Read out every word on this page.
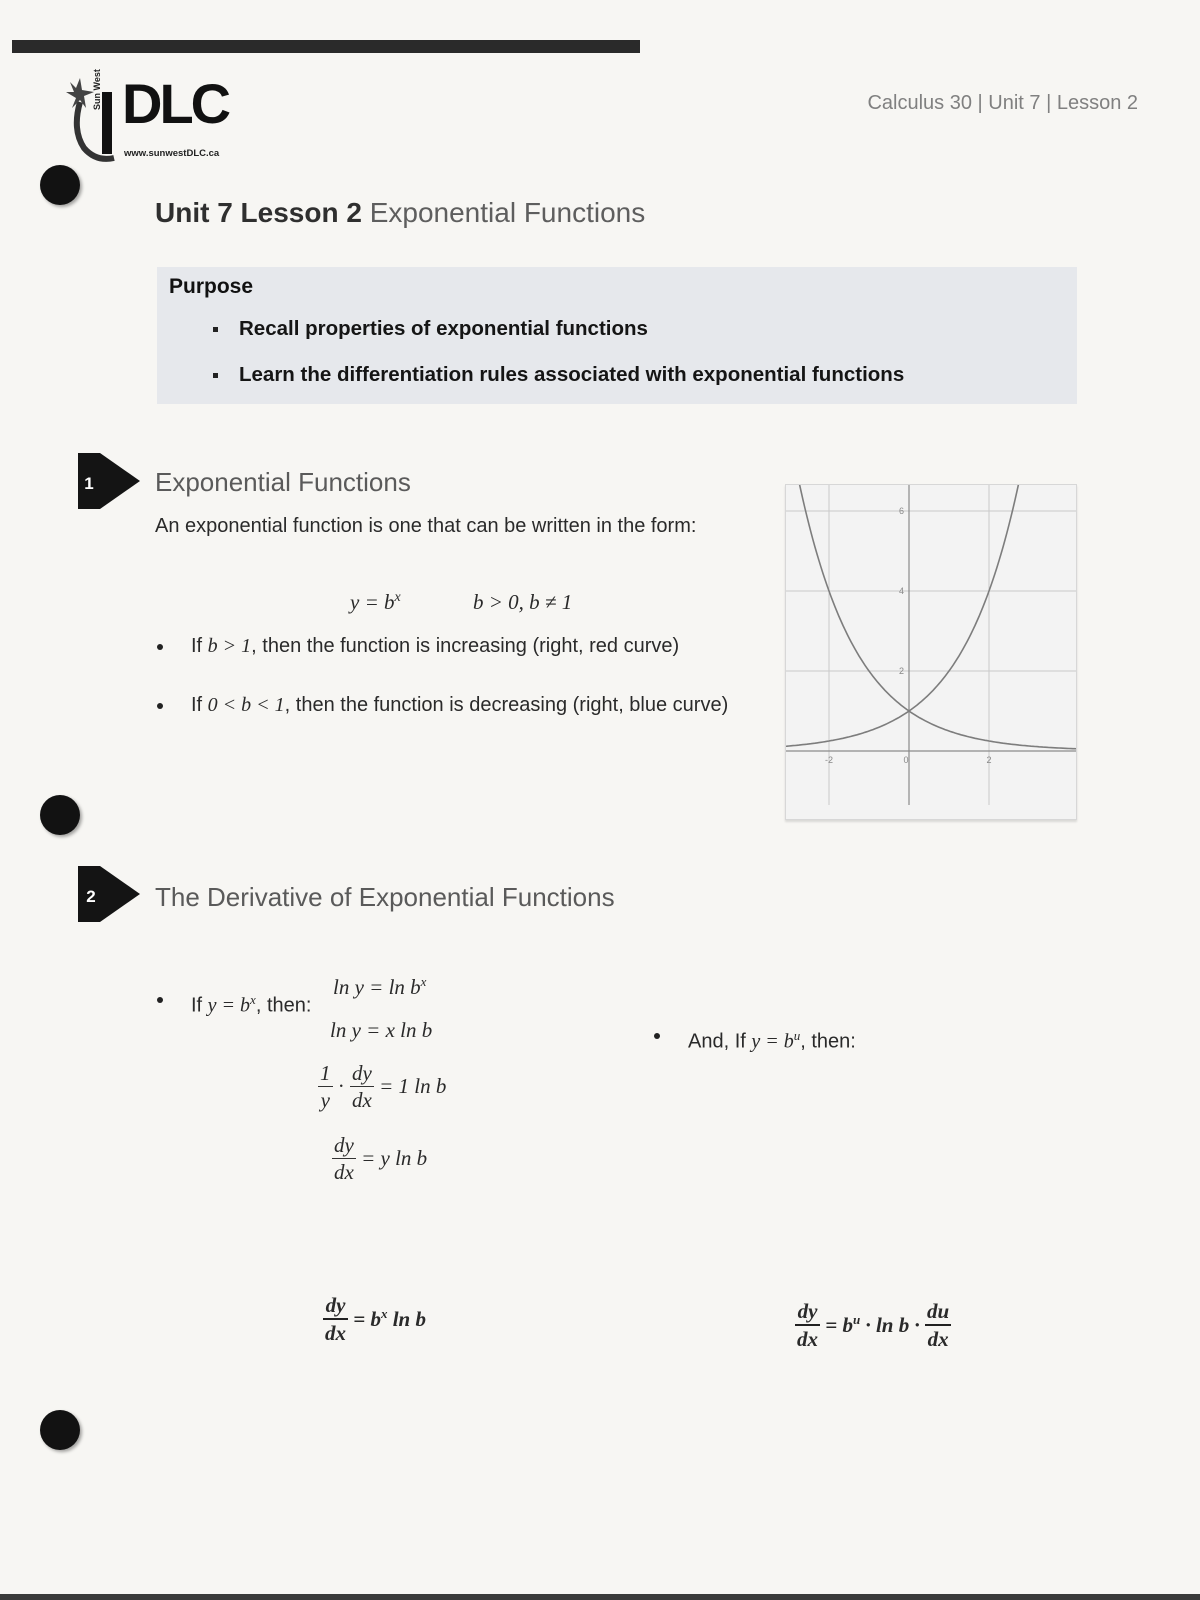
Sun West DLC
www.sunwestDLC.ca
Calculus 30 | Unit 7 | Lesson 2
Unit 7 Lesson 2 Exponential Functions
Purpose
Recall properties of exponential functions
Learn the differentiation rules associated with exponential functions
1 Exponential Functions
An exponential function is one that can be written in the form:
$y = b^x$	b > 0, b ≠ 1
If b > 1, then the function is increasing (right, red curve)
If 0 < b < 1, then the function is decreasing (right, blue curve)
-2	0	2
6
4
2
2 The Derivative of Exponential Functions
If $y = b^x$, then:
And, If $y = b^u$, then:
$\ln y = \ln b^x$
ln y = x ln b
$\frac{1}{y} \cdot \frac{dy}{dx} = 1$ ln b
$\frac{dy}{dx} = y$ ln b
$\frac{dy}{dx} = b^x$ ln b	$\frac{dy}{dx} = b^u \cdot \ln b \cdot \frac{du}{dx}$
